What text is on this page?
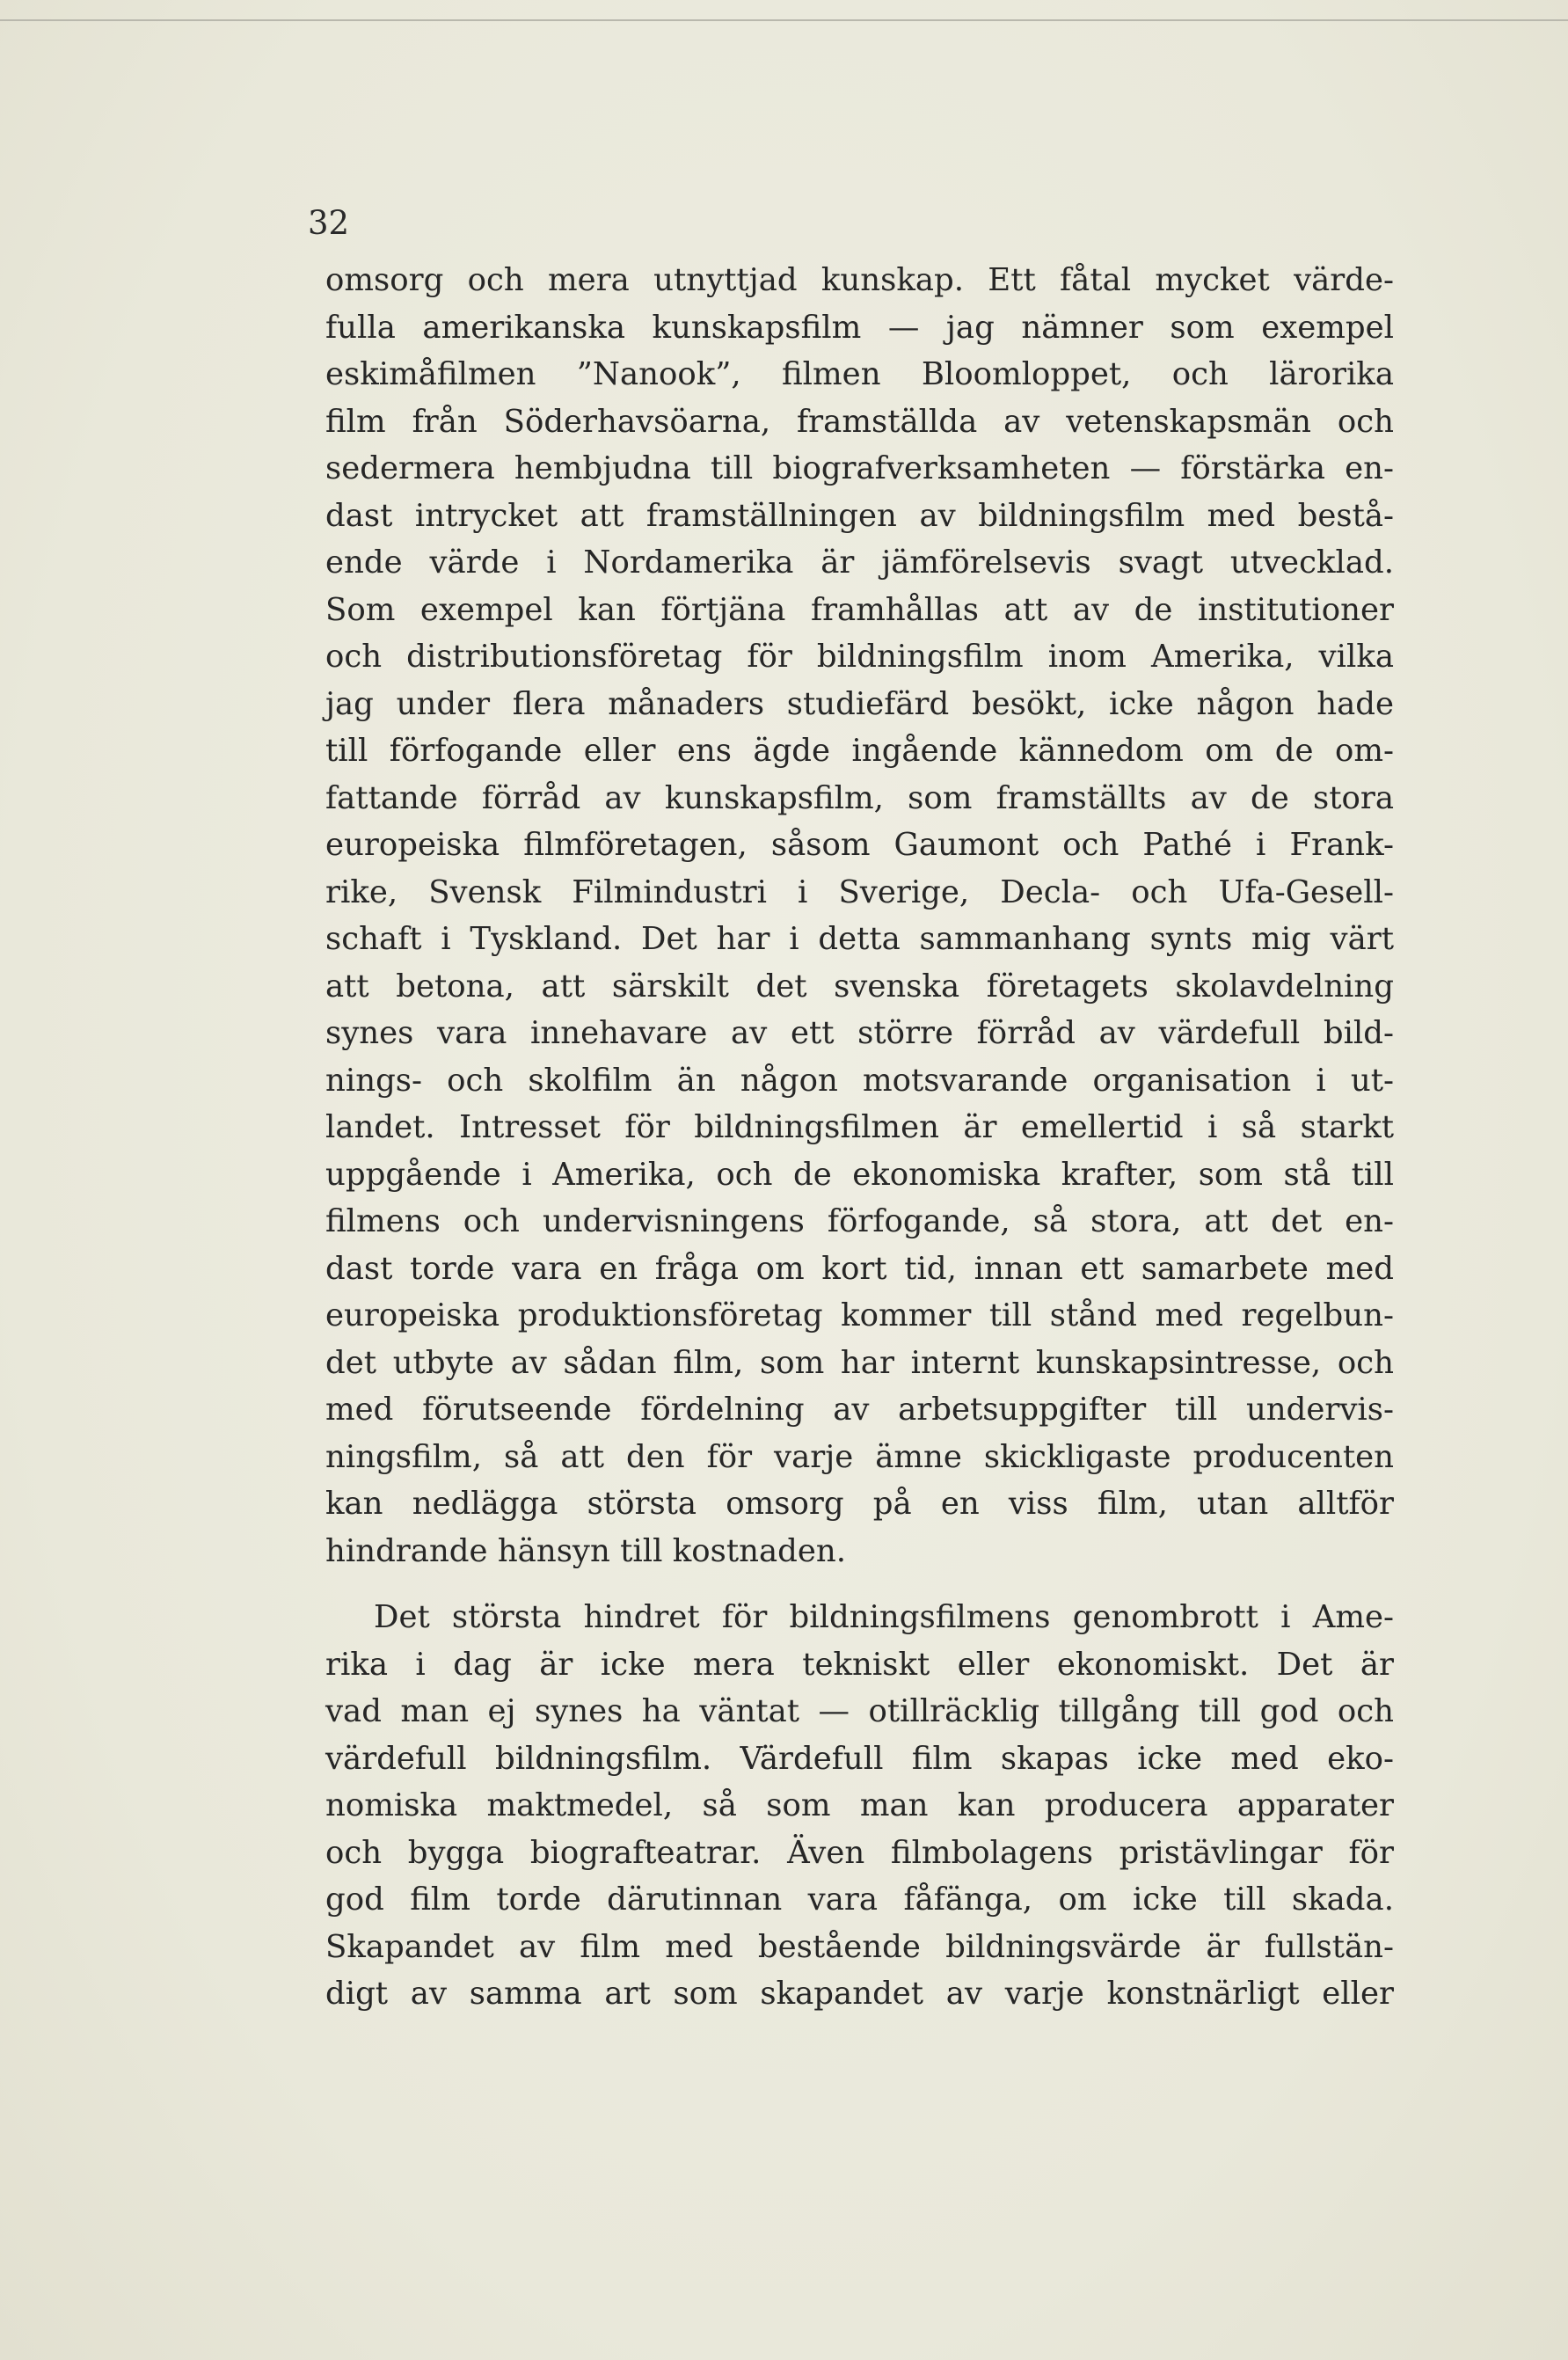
32
omsorg och mera utnyttjad kunskap. Ett fåtal mycket värde-
fulla amerikanska kunskapsfilm — jag nämner som exempel
eskimåfilmen ”Nanook”, filmen Bloomloppet, och lärorika
film från Söderhavsöarna, framställda av vetenskapsmän och
sedermera hembjudna till biografverksamheten — förstärka en-
dast intrycket att framställningen av bildningsfilm med bestå-
ende värde i Nordamerika är jämförelsevis svagt utvecklad.
Som exempel kan förtjäna framhållas att av de institutioner
och distributionsföretag för bildningsfilm inom Amerika, vilka
jag under flera månaders studiefärd besökt, icke någon hade
till förfogande eller ens ägde ingående kännedom om de om-
fattande förråd av kunskapsfilm, som framställts av de stora
europeiska filmföretagen, såsom Gaumont och Pathé i Frank-
rike, Svensk Filmindustri i Sverige, Decla- och Ufa-Gesell-
schaft i Tyskland. Det har i detta sammanhang synts mig värt
att betona, att särskilt det svenska företagets skolavdelning
synes vara innehavare av ett större förråd av värdefull bild-
nings- och skolfilm än någon motsvarande organisation i ut-
landet. Intresset för bildningsfilmen är emellertid i så starkt
uppgående i Amerika, och de ekonomiska krafter, som stå till
filmens och undervisningens förfogande, så stora, att det en-
dast torde vara en fråga om kort tid, innan ett samarbete med
europeiska produktionsföretag kommer till stånd med regelbun-
det utbyte av sådan film, som har internt kunskapsintresse, och
med förutseende fördelning av arbetsuppgifter till undervis-
ningsfilm, så att den för varje ämne skickligaste producenten
kan nedlägga största omsorg på en viss film, utan alltför
hindrande hänsyn till kostnaden.
Det största hindret för bildningsfilmens genombrott i Ame-
rika i dag är icke mera tekniskt eller ekonomiskt. Det är
vad man ej synes ha väntat — otillräcklig tillgång till god och
värdefull bildningsfilm. Värdefull film skapas icke med eko-
nomiska maktmedel, så som man kan producera apparater
och bygga biografteatrar. Även filmbolagens pristävlingar för
god film torde därutinnan vara fåfänga, om icke till skada.
Skapandet av film med bestående bildningsvärde är fullstän-
digt av samma art som skapandet av varje konstnärligt eller
